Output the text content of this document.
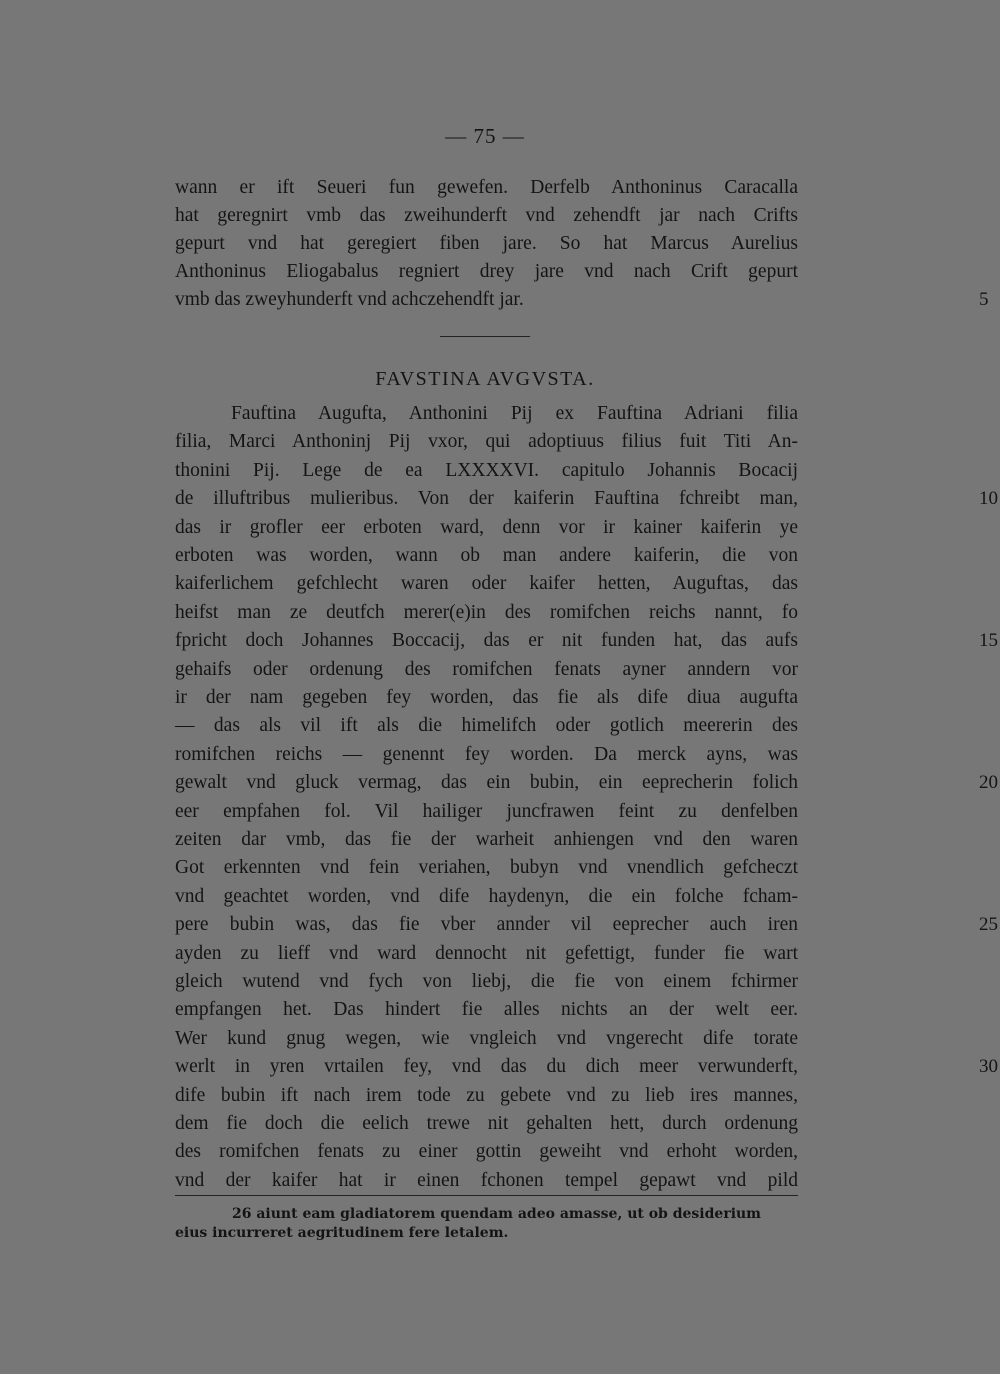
— 75 —
wann er ift Seueri fun gewefen. Derfelb Anthoninus Caracalla
hat geregnirt vmb das zweihunderft vnd zehendft jar nach Crifts
gepurt vnd hat geregiert fiben jare. So hat Marcus Aurelius
Anthoninus Eliogabalus regniert drey jare vnd nach Crift gepurt
vmb das zweyhunderft vnd achczehendft jar.	5
FAVSTINA AVGVSTA.
Fauftina Augufta, Anthonini Pij ex Fauftina Adriani filia
filia, Marci Anthoninj Pij vxor, qui adoptiuus filius fuit Titi An-
thonini Pij. Lege de ea LXXXXVI. capitulo Johannis Bocacij
de illuftribus mulieribus. Von der kaiferin Fauftina fchreibt man,
das ir grofler eer erboten ward, denn vor ir kainer kaiferin ye
erboten was worden, wann ob man andere kaiferin, die von
kaiferlichem gefchlecht waren oder kaifer hetten, Auguftas, das
heifst man ze deutfch merer(e)in des romifchen reichs nannt, fo
fpricht doch Johannes Boccacij, das er nit funden hat, das aufs
gehaifs oder ordenung des romifchen fenats ayner anndern vor
ir der nam gegeben fey worden, das fie als dife diua augufta
— das als vil ift als die himelifch oder gotlich meererin des
romifchen reichs — genennt fey worden. Da merck ayns, was
gewalt vnd gluck vermag, das ein bubin, ein eeprecherin folich
eer empfahen fol. Vil hailiger juncfrawen feint zu denfelben
zeiten dar vmb, das fie der warheit anhiengen vnd den waren
Got erkennten vnd fein veriahen, bubyn vnd vnendlich gefcheczt
vnd geachtet worden, vnd dife haydenyn, die ein folche fcham-
pere bubin was, das fie vber annder vil eeprecher auch iren
ayden zu lieff vnd ward dennocht nit gefettigt, funder fie wart
gleich wutend vnd fych von liebj, die fie von einem fchirmer
empfangen het. Das hindert fie alles nichts an der welt eer.
Wer kund gnug wegen, wie vngleich vnd vngerecht dife torate
werlt in yren vrtailen fey, vnd das du dich meer verwunderft,
dife bubin ift nach irem tode zu gebete vnd zu lieb ires mannes,
dem fie doch die eelich trewe nit gehalten hett, durch ordenung
des romifchen fenats zu einer gottin geweiht vnd erhoht worden,
vnd der kaifer hat ir einen fchonen tempel gepawt vnd pild
10
15
20
25
30
26 aiunt eam gladiatorem quendam adeo amasse, ut ob desiderium
eius incurreret aegritudinem fere letalem.
